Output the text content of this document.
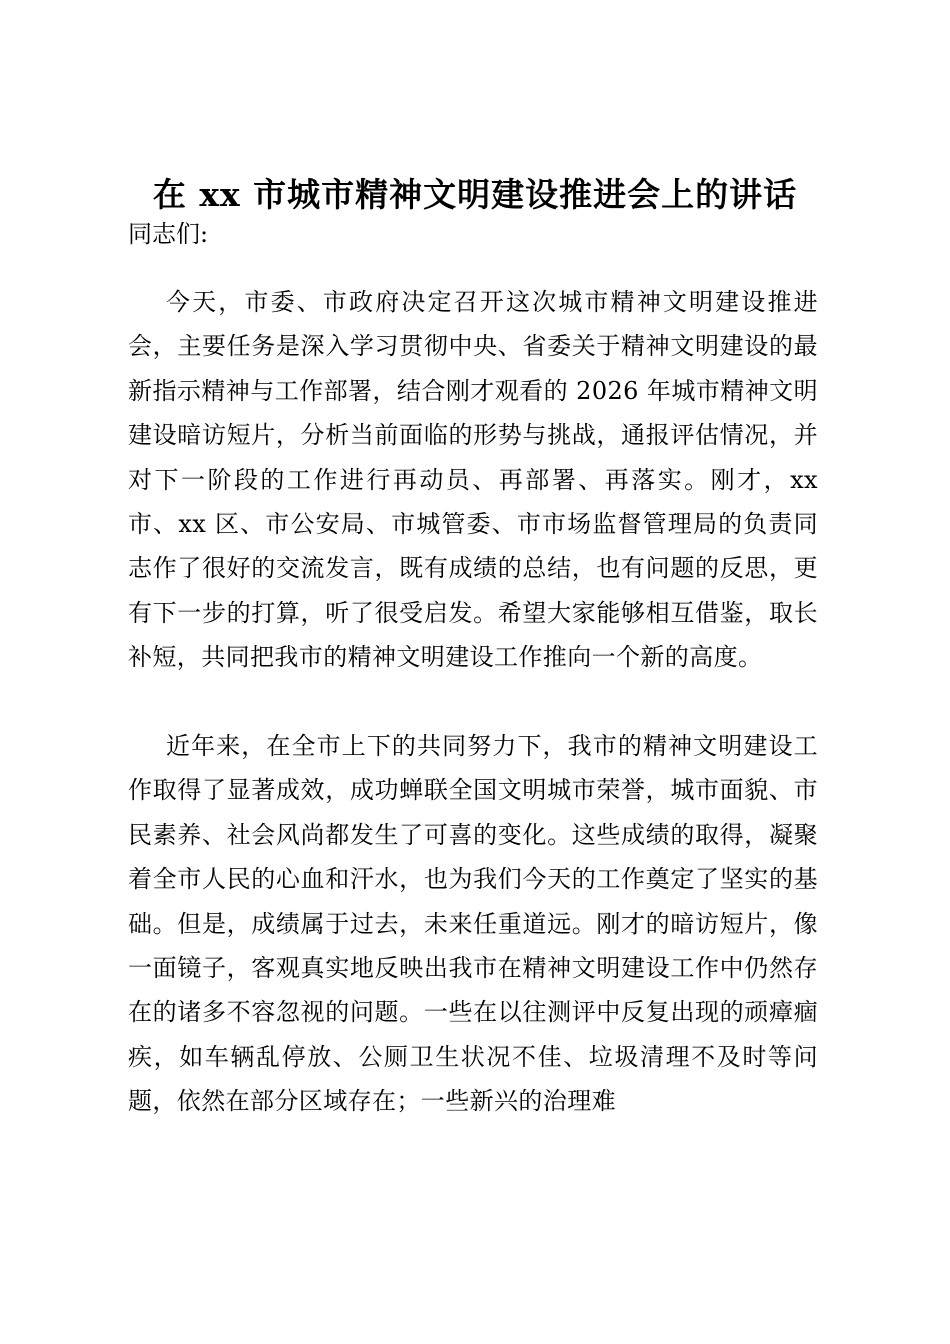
在 xx 市城市精神文明建设推进会上的讲话
同志们:

今天，市委、市政府决定召开这次城市精神文明建设推进会，主要任务是深入学习贯彻中央、省委关于精神文明建设的最新指示精神与工作部署，结合刚才观看的 2026 年城市精神文明建设暗访短片，分析当前面临的形势与挑战，通报评估情况，并对下一阶段的工作进行再动员、再部署、再落实。刚才，xx 市、xx 区、市公安局、市城管委、市市场监督管理局的负责同志作了很好的交流发言，既有成绩的总结，也有问题的反思，更有下一步的打算，听了很受启发。希望大家能够相互借鉴，取长补短，共同把我市的精神文明建设工作推向一个新的高度。

近年来，在全市上下的共同努力下，我市的精神文明建设工作取得了显著成效，成功蝉联全国文明城市荣誉，城市面貌、市民素养、社会风尚都发生了可喜的变化。这些成绩的取得，凝聚着全市人民的心血和汗水，也为我们今天的工作奠定了坚实的基础。但是，成绩属于过去，未来任重道远。刚才的暗访短片，像一面镜子，客观真实地反映出我市在精神文明建设工作中仍然存在的诸多不容忽视的问题。一些在以往测评中反复出现的顽瘴痼疾，如车辆乱停放、公厕卫生状况不佳、垃圾清理不及时等问题，依然在部分区域存在；一些新兴的治理难
